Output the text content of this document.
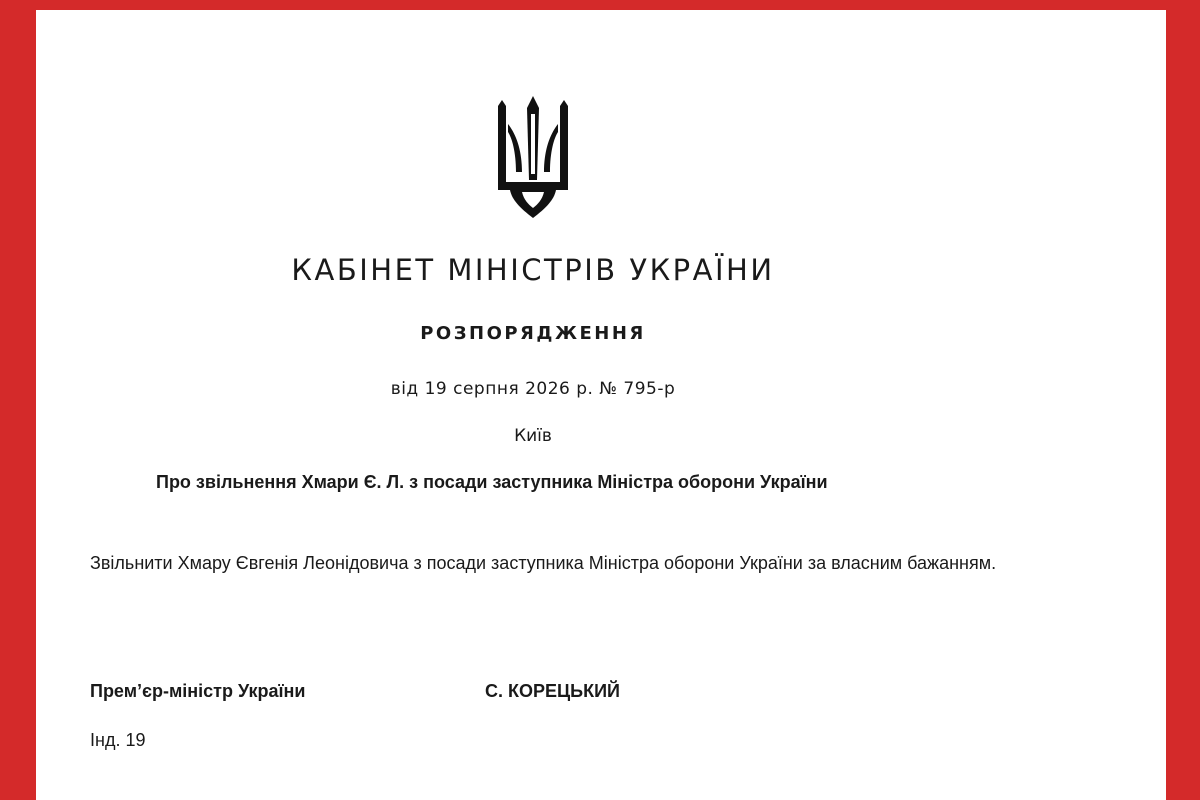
КАБІНЕТ МІНІСТРІВ УКРАЇНИ
РОЗПОРЯДЖЕННЯ
від 19 серпня 2026 р. № 795-р
Київ
Про звільнення Хмари Є. Л. з посади заступника Міністра оборони України

Звільнити Хмару Євгенія Леонідовича з посади заступника Міністра оборони України за власним бажанням.

Прем’єр-міністр України	С. КОРЕЦЬКИЙ
Інд. 19
